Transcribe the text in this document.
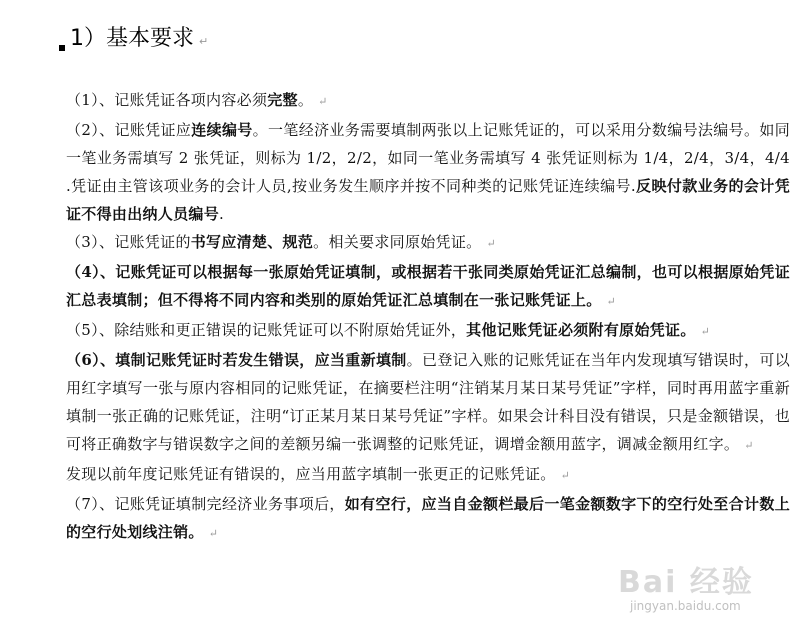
1）基本要求 ↵

（1）、记账凭证各项内容必须完整。 ↵

（2）、记账凭证应连续编号。一笔经济业务需要填制两张以上记账凭证的，可以采用分数编号法编号。如同一笔业务需填写 2 张凭证，则标为 1/2，2/2，如同一笔业务需填写 4 张凭证则标为 1/4，2/4，3/4，4/4 .凭证由主管该项业务的会计人员,按业务发生顺序并按不同种类的记账凭证连续编号.反映付款业务的会计凭证不得由出纳人员编号.

（3）、记账凭证的书写应清楚、规范。相关要求同原始凭证。 ↵

（4）、记账凭证可以根据每一张原始凭证填制，或根据若干张同类原始凭证汇总编制，也可以根据原始凭证汇总表填制；但不得将不同内容和类别的原始凭证汇总填制在一张记账凭证上。 ↵

（5）、除结账和更正错误的记账凭证可以不附原始凭证外，其他记账凭证必须附有原始凭证。 ↵

（6）、填制记账凭证时若发生错误，应当重新填制。已登记入账的记账凭证在当年内发现填写错误时，可以用红字填写一张与原内容相同的记账凭证，在摘要栏注明“注销某月某日某号凭证”字样，同时再用蓝字重新填制一张正确的记账凭证，注明“订正某月某日某号凭证”字样。如果会计科目没有错误，只是金额错误，也可将正确数字与错误数字之间的差额另编一张调整的记账凭证，调增金额用蓝字，调减金额用红字。 ↵

发现以前年度记账凭证有错误的，应当用蓝字填制一张更正的记账凭证。 ↵

（7）、记账凭证填制完经济业务事项后，如有空行，应当自金额栏最后一笔金额数字下的空行处至合计数上的空行处划线注销。 ↵

Bai 经验
jingyan.baidu.com
